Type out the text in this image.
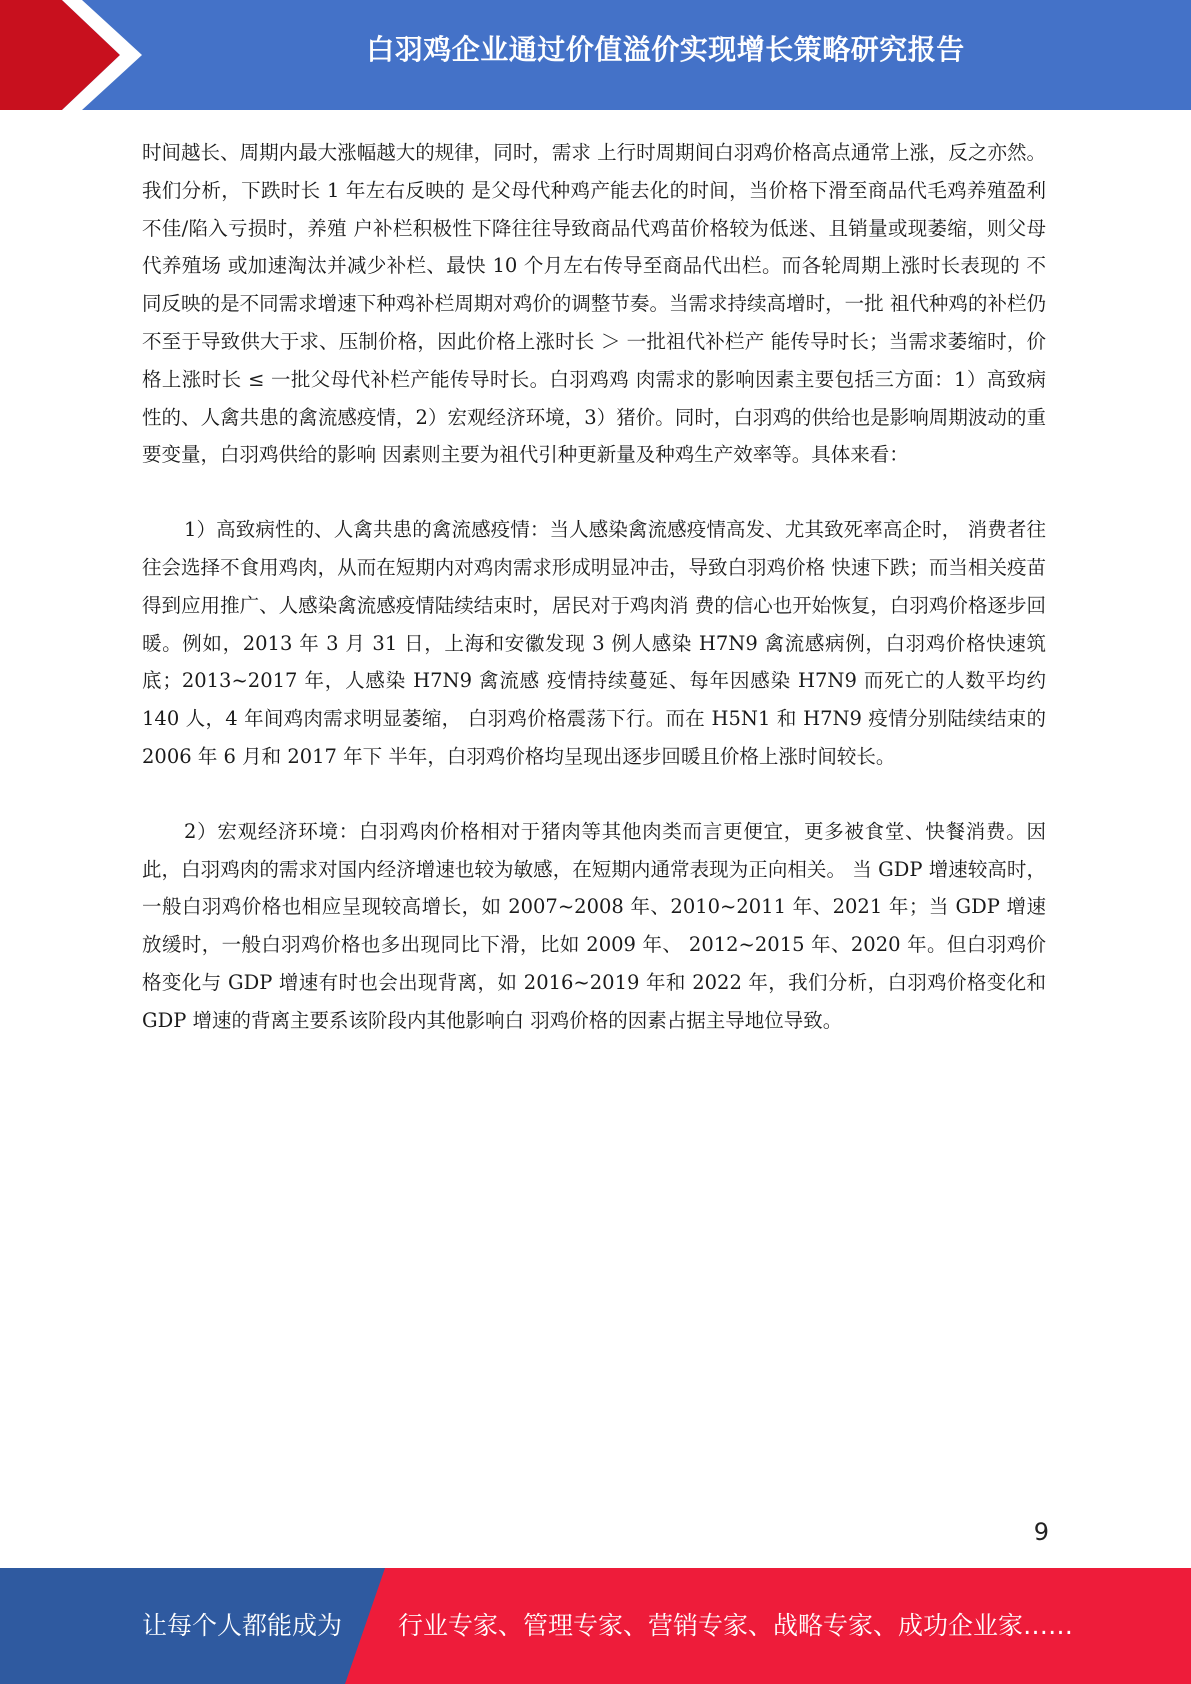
白羽鸡企业通过价值溢价实现增长策略研究报告

时间越长、周期内最大涨幅越大的规律，同时，需求 上行时周期间白羽鸡价格高点通常上涨，反之亦然。我们分析，下跌时长 1 年左右反映的 是父母代种鸡产能去化的时间，当价格下滑至商品代毛鸡养殖盈利不佳/陷入亏损时，养殖 户补栏积极性下降往往导致商品代鸡苗价格较为低迷、且销量或现萎缩，则父母代养殖场 或加速淘汰并减少补栏、最快 10 个月左右传导至商品代出栏。而各轮周期上涨时长表现的 不同反映的是不同需求增速下种鸡补栏周期对鸡价的调整节奏。当需求持续高增时，一批 祖代种鸡的补栏仍不至于导致供大于求、压制价格，因此价格上涨时长 ＞ 一批祖代补栏产 能传导时长；当需求萎缩时，价格上涨时长 ≤ 一批父母代补栏产能传导时长。白羽鸡鸡 肉需求的影响因素主要包括三方面：1）高致病性的、人禽共患的禽流感疫情，2）宏观经济环境，3）猪价。同时，白羽鸡的供给也是影响周期波动的重要变量，白羽鸡供给的影响 因素则主要为祖代引种更新量及种鸡生产效率等。具体来看：

1）高致病性的、人禽共患的禽流感疫情：当人感染禽流感疫情高发、尤其致死率高企时， 消费者往往会选择不食用鸡肉，从而在短期内对鸡肉需求形成明显冲击，导致白羽鸡价格 快速下跌；而当相关疫苗得到应用推广、人感染禽流感疫情陆续结束时，居民对于鸡肉消 费的信心也开始恢复，白羽鸡价格逐步回暖。例如，2013 年 3 月 31 日，上海和安徽发现 3 例人感染 H7N9 禽流感病例，白羽鸡价格快速筑底；2013~2017 年，人感染 H7N9 禽流感 疫情持续蔓延、每年因感染 H7N9 而死亡的人数平均约 140 人，4 年间鸡肉需求明显萎缩， 白羽鸡价格震荡下行。而在 H5N1 和 H7N9 疫情分别陆续结束的 2006 年 6 月和 2017 年下 半年，白羽鸡价格均呈现出逐步回暖且价格上涨时间较长。

2）宏观经济环境：白羽鸡肉价格相对于猪肉等其他肉类而言更便宜，更多被食堂、快餐消费。因此，白羽鸡肉的需求对国内经济增速也较为敏感，在短期内通常表现为正向相关。 当 GDP 增速较高时，一般白羽鸡价格也相应呈现较高增长，如 2007~2008 年、2010~2011 年、2021 年；当 GDP 增速放缓时，一般白羽鸡价格也多出现同比下滑，比如 2009 年、 2012~2015 年、2020 年。但白羽鸡价格变化与 GDP 增速有时也会出现背离，如 2016~2019 年和 2022 年，我们分析，白羽鸡价格变化和 GDP 增速的背离主要系该阶段内其他影响白 羽鸡价格的因素占据主导地位导致。

9
让每个人都能成为 行业专家、管理专家、营销专家、战略专家、成功企业家……
